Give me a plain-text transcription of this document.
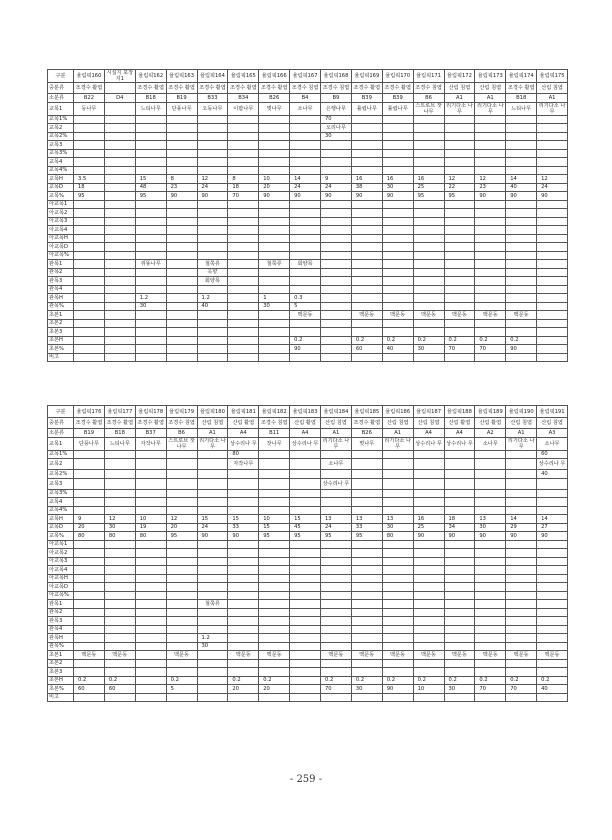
구분	율림픽160	시설지 포장지1	율림픽162	율림픽163	율림픽164	율림픽165	율림픽166	율림픽167	율림픽168	율림픽169	율림픽170	율림픽171	율림픽172	율림픽173	율림픽174	율림픽175
중분류	조경수 활엽		조경수 활엽	조경수 활엽	조경수 활엽	조경수 활엽	조경수 활엽	조경수 침엽	조경수 침엽	조경수 활엽	조경수 활엽	조경수 침엽	산림 침엽	산림 침엽	조경수 활엽	산림 침엽
소분류	B22	D4	B18	B19	B33	B34	B26	B4	B9	B39	B39	B6	A1	A1	B18	A1
교목1	등나무		느티나무	단풍나무	오동나무	이팝나무	벚나무	소나무	은행나무	튤립나무	튤립나무	스트로브 잣나무	리기다소 나무	리기다소 나무	느티나무	리기다소 나무
교목1%									70							
교목2									오리나무							
교목2%									30							
교목3																
교목3%																
교목4																
교목4%																
교목H	3.5		15	8	12	8	10	14	9	16	16	16	12	12	14	12
교목D	18		48	23	24	18	20	24	24	38	30	25	22	23	40	24
교목%	95		95	90	90	70	90	90	90	90	90	95	95	90	90	90
아교목1																
아교목2																
아교목3																
아교목4																
아교목H																
아교목D																
아교목%																
관목1			쥐똥나무		철쭉류		철쭉류	회양목								
관목2					옥향											
관목3					회양목											
관목4																
관목H			1.2		1.2		1	0.3								
관목%			30		40		30	5								
초본1								맥문동		맥문동	맥문동	맥문동	맥문동	맥문동	맥문동	
초본2																
초본3																
초본H								0.2		0.2	0.2	0.2	0.2	0.2	0.2	
초본%								90		60	40	30	70	70	90	
비고																
구분	율림픽176	율림픽177	율림픽178	율림픽179	율림픽180	율림픽181	율림픽182	율림픽183	율림픽184	율림픽185	율림픽186	율림픽187	율림픽188	율림픽189	율림픽190	율림픽191
중분류	조경수 활엽	조경수 활엽	조경수 활엽	조경수 침엽	산림 침엽	산림 활엽	조경수 침엽	산림 활엽	산림 침엽	조경수 활엽	산림 침엽	산림 침엽	산림 활엽	산림 활엽	산림 침엽	산림 침엽
소분류	B19	B18	B37	B6	A1	A4	B11	A4	A1	B26	A1	A4	A4	A2	A1	A3
교목1	단풍나무	느티나무	자작나무	스트로브 잣나무	리기다소 나무	상수리나 무	잣나무	상수리나 무	리기다소 나무	벚나무	리기다소 나무	상수리나 무	상수리나 무	소나무	리기다소 나무	소나무
교목1%						80										60
교목2						자작나무			소나무							상수리나 무
교목2%																40
교목3									상수리나 무							
교목3%																
교목4																
교목4%																
교목H	9	12	10	12	15	15	10	15	13	13	13	16	18	13	14	14
교목D	20	30	19	20	24	33	15	45	24	33	30	25	34	30	29	27
교목%	80	80	80	95	90	90	95	95	95	95	80	90	90	90	90	90
아교목1																
아교목2																
아교목3																
아교목4																
아교목H																
아교목D																
아교목%																
관목1					철쭉류											
관목2																
관목3																
관목4																
관목H					1.2											
관목%					30											
초본1	맥문동	맥문동		맥문동		맥문동	맥문동		맥문동	맥문동	맥문동	맥문동	맥문동	맥문동	맥문동	맥문동
초본2																
초본3																
초본H	0.2	0.2		0.2		0.2	0.2		0.2	0.2	0.2	0.2	0.2	0.2	0.2	0.2
초본%	60	60		5		20	20		70	30	90	10	30	70	70	40
비고																
- 259 -
